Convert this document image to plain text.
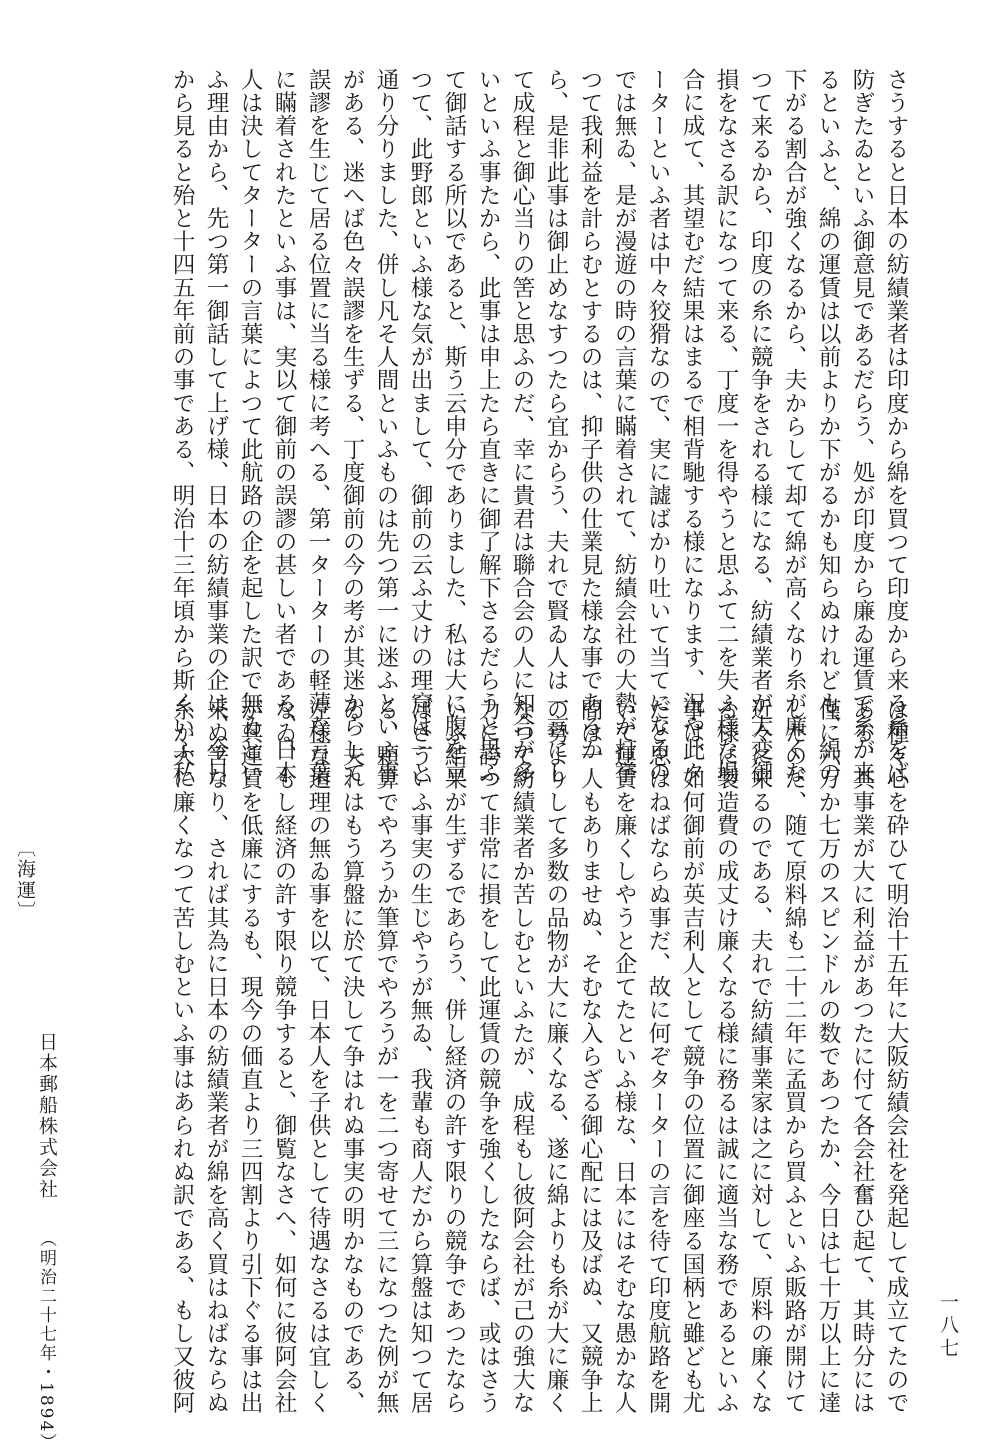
さうすると日本の紡績業者は印度から綿を買つて印度から来る糸をば
防ぎたゐといふ御意見であるだらう、処が印度から廉ゐ運賃で糸が来
るといふと、綿の運賃は以前よりか下がるかも知らぬけれども、綿の
下がる割合が強くなるから、夫からして却て綿が高くなり糸が廉くな
つて来るから、印度の糸に競争をされる様になる、紡績業者が大変御
損をなさる訳になつて来る、丁度一を得やうと思ふて二を失ふ様な場
合に成て、其望むだ結果はまるで相背馳する様になります、況や此タ
ーターといふ者は中々狡猾なので、実に譃ばかり吐いて当てになるの
では無ゐ、是が漫遊の時の言葉に瞞着されて、紡績会社の大勢が打挙
つて我利益を計らむとするのは、抑子供の仕業見た様な事であるか
ら、是非此事は御止めなすつたら宜からう、夫れで賢ゐ人は一言にし
て成程と御心当りの筈と思ふのだ、幸に貴君は聯合会の人に知合が多
いといふ事たから、此事は申上たら直きに御了解下さるだらうと思ふ
て御話する所以であると、斯う云申分でありました、私は大に腹を立
つて、此野郎といふ様な気が出まして、御前の云ふ丈けの理窟は一と
通り分りました、併し凡そ人間といふものは先つ第一に迷ふといふ事
がある、迷へば色々誤謬を生ずる、丁度御前の今の考が其迷からして
誤謬を生じて居る位置に当る様に考へる、第一ターターの軽薄な言葉
に瞞着されたといふ事は、実以て御前の誤謬の甚しい者である、日本
人は決してターターの言葉によつて此航路の企を起した訳で無ゐとい
ふ理由から、先つ第一御話して上げ様、日本の紡績事業の企は、今日
から見ると殆と十四五年前の事である、明治十三年頃から斯くいふ私
は種々心を砕ひて明治十五年に大阪紡績会社を発起して成立てたので
ある、其事業が大に利益があつたに付て各会社奮ひ起て、其時分には
僅に六万か七万のスピンドルの数であつたか、今日は七十万以上に達
したのだ、随て原料綿も二十二年に孟買から買ふといふ販路が開けて
近々に来るのである、夫れで紡績事業家は之に対して、原料の廉くな
る様に製造費の成丈け廉くなる様に務るは誠に適当な務であるといふ
事は、如何御前が英吉利人として競争の位置に御座る国柄と雖ども尤
だと思はねばならぬ事だ、故に何ぞターターの言を待て印度航路を開
いて運賃を廉くしやうと企てたといふ様な、日本にはそむな愚かな人
間は一人もありませぬ、そむな入らざる御心配には及ばぬ、又競争上
の勢よりして多数の品物が大に廉くなる、遂に綿よりも糸が大に廉く
なつて紡績業者か苦しむといふたが、成程もし彼阿会社が己の強大な
力に誇つて非常に損をして此運賃の競争を強くしたならば、或はさう
いふ結果が生ずるであらう、併し経済の許す限りの競争であつたなら
ばさういふ事実の生じやうが無ゐ、我輩も商人だから算盤は知つて居
る、顆算でやろうか筆算でやろうが一を二つ寄せて三になつた例が無
ゐ、夫れはもう算盤に於て決して争はれぬ事実の明かなものである、
左様な道理の無ゐ事を以て、日本人を子供として待遇なさるは宜しく
なゐ、もし経済の許す限り競争すると、御覧なさへ、如何に彼阿会社
が其運賃を低廉にするも、現今の価直より三四割より引下ぐる事は出
来ぬ筈なり、されば其為に日本の紡績業者が綿を高く買はねばならぬ
糸か大に廉くなつて苦しむといふ事はあられぬ訳である、もし又彼阿
〔海運〕
日本郵船株式会社
（明治二十七年・1894）	一八七
